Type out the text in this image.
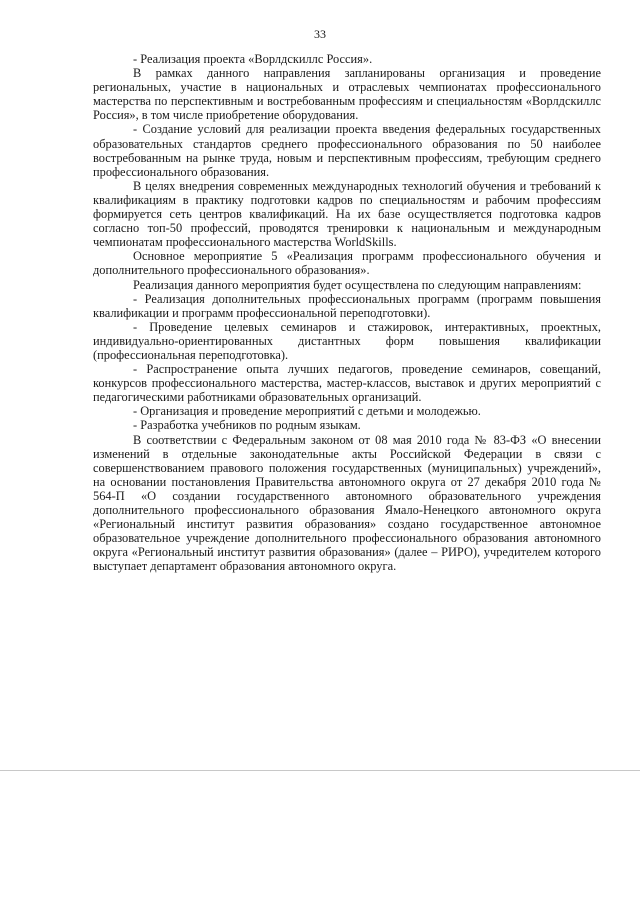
33

- Реализация проекта «Ворлдскиллс Россия».

В рамках данного направления запланированы организация и проведение региональных, участие в национальных и отраслевых чемпионатах профессионального мастерства по перспективным и востребованным профессиям и специальностям «Ворлдскиллс Россия», в том числе приобретение оборудования.

- Создание условий для реализации проекта введения федеральных государственных образовательных стандартов среднего профессионального образования по 50 наиболее востребованным на рынке труда, новым и перспективным профессиям, требующим среднего профессионального образования.

В целях внедрения современных международных технологий обучения и требований к квалификациям в практику подготовки кадров по специальностям и рабочим профессиям формируется сеть центров квалификаций. На их базе осуществляется подготовка кадров согласно топ-50 профессий, проводятся тренировки к национальным и международным чемпионатам профессионального мастерства WorldSkills.

Основное мероприятие 5 «Реализация программ профессионального обучения и дополнительного профессионального образования».

Реализация данного мероприятия будет осуществлена по следующим направлениям:

- Реализация дополнительных профессиональных программ (программ повышения квалификации и программ профессиональной переподготовки).

- Проведение целевых семинаров и стажировок, интерактивных, проектных, индивидуально-ориентированных дистантных форм повышения квалификации (профессиональная переподготовка).

- Распространение опыта лучших педагогов, проведение семинаров, совещаний, конкурсов профессионального мастерства, мастер-классов, выставок и других мероприятий с педагогическими работниками образовательных организаций.

- Организация и проведение мероприятий с детьми и молодежью.

- Разработка учебников по родным языкам.

В соответствии с Федеральным законом от 08 мая 2010 года № 83-ФЗ «О внесении изменений в отдельные законодательные акты Российской Федерации в связи с совершенствованием правового положения государственных (муниципальных) учреждений», на основании постановления Правительства автономного округа от 27 декабря 2010 года № 564-П «О создании государственного автономного образовательного учреждения дополнительного профессионального образования Ямало-Ненецкого автономного округа «Региональный институт развития образования» создано государственное автономное образовательное учреждение дополнительного профессионального образования автономного округа «Региональный институт развития образования» (далее – РИРО), учредителем которого выступает департамент образования автономного округа.
